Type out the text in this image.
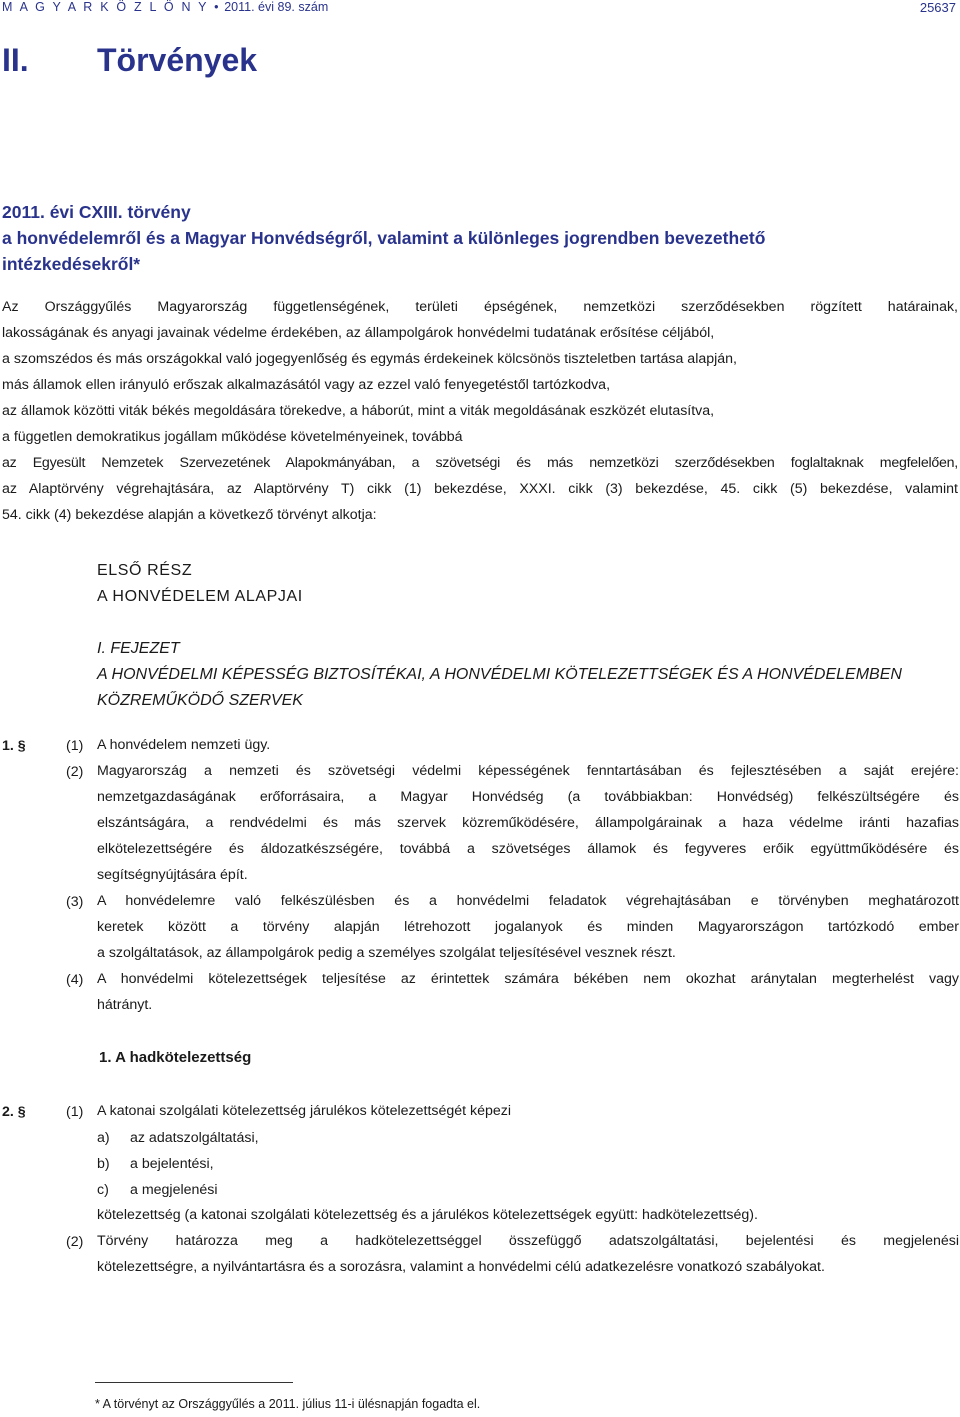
M A G Y A R K Ö Z L Ö N Y • 2011. évi 89. szám	25637
II. Törvények
2011. évi CXIII. törvény
a honvédelemről és a Magyar Honvédségről, valamint a különleges jogrendben bevezethető
intézkedésekről*
Az Országgyűlés Magyarország függetlenségének, területi épségének, nemzetközi szerződésekben rögzített határainak,
lakosságának és anyagi javainak védelme érdekében, az állampolgárok honvédelmi tudatának erősítése céljából,
a szomszédos és más országokkal való jogegyenlőség és egymás érdekeinek kölcsönös tiszteletben tartása alapján,
más államok ellen irányuló erőszak alkalmazásától vagy az ezzel való fenyegetéstől tartózkodva,
az államok közötti viták békés megoldására törekedve, a háborút, mint a viták megoldásának eszközét elutasítva,
a független demokratikus jogállam működése követelményeinek, továbbá
az Egyesült Nemzetek Szervezetének Alapokmányában, a szövetségi és más nemzetközi szerződésekben foglaltaknak megfelelően,
az Alaptörvény végrehajtására, az Alaptörvény T) cikk (1) bekezdése, XXXI. cikk (3) bekezdése, 45. cikk (5) bekezdése, valamint
54. cikk (4) bekezdése alapján a következő törvényt alkotja:
ELSŐ RÉSZ
A HONVÉDELEM ALAPJAI
I. FEJEZET
A HONVÉDELMI KÉPESSÉG BIZTOSÍTÉKAI, A HONVÉDELMI KÖTELEZETTSÉGEK ÉS A HONVÉDELEMBEN
KÖZREMŰKÖDŐ SZERVEK
1. §	(1) A honvédelem nemzeti ügy.
(2) Magyarország a nemzeti és szövetségi védelmi képességének fenntartásában és fejlesztésében a saját erejére:
nemzetgazdaságának erőforrásaira, a Magyar Honvédség (a továbbiakban: Honvédség) felkészültségére és
elszántságára, a rendvédelmi és más szervek közreműködésére, állampolgárainak a haza védelme iránti hazafias
elkötelezettségére és áldozatkészségére, továbbá a szövetséges államok és fegyveres erőik együttműködésére és
segítségnyújtására épít.
(3) A honvédelemre való felkészülésben és a honvédelmi feladatok végrehajtásában e törvényben meghatározott
keretek között a törvény alapján létrehozott jogalanyok és minden Magyarországon tartózkodó ember
a szolgáltatások, az állampolgárok pedig a személyes szolgálat teljesítésével vesznek részt.
(4) A honvédelmi kötelezettségek teljesítése az érintettek számára békében nem okozhat aránytalan megterhelést vagy
hátrányt.
1. A hadkötelezettség
2. §	(1) A katonai szolgálati kötelezettség járulékos kötelezettségét képezi
a) az adatszolgáltatási,
b) a bejelentési,
c) a megjelenési
kötelezettség (a katonai szolgálati kötelezettség és a járulékos kötelezettségek együtt: hadkötelezettség).
(2) Törvény határozza meg a hadkötelezettséggel összefüggő adatszolgáltatási, bejelentési és megjelenési
kötelezettségre, a nyilvántartásra és a sorozásra, valamint a honvédelmi célú adatkezelésre vonatkozó szabályokat.
* A törvényt az Országgyűlés a 2011. július 11-i ülésnapján fogadta el.
